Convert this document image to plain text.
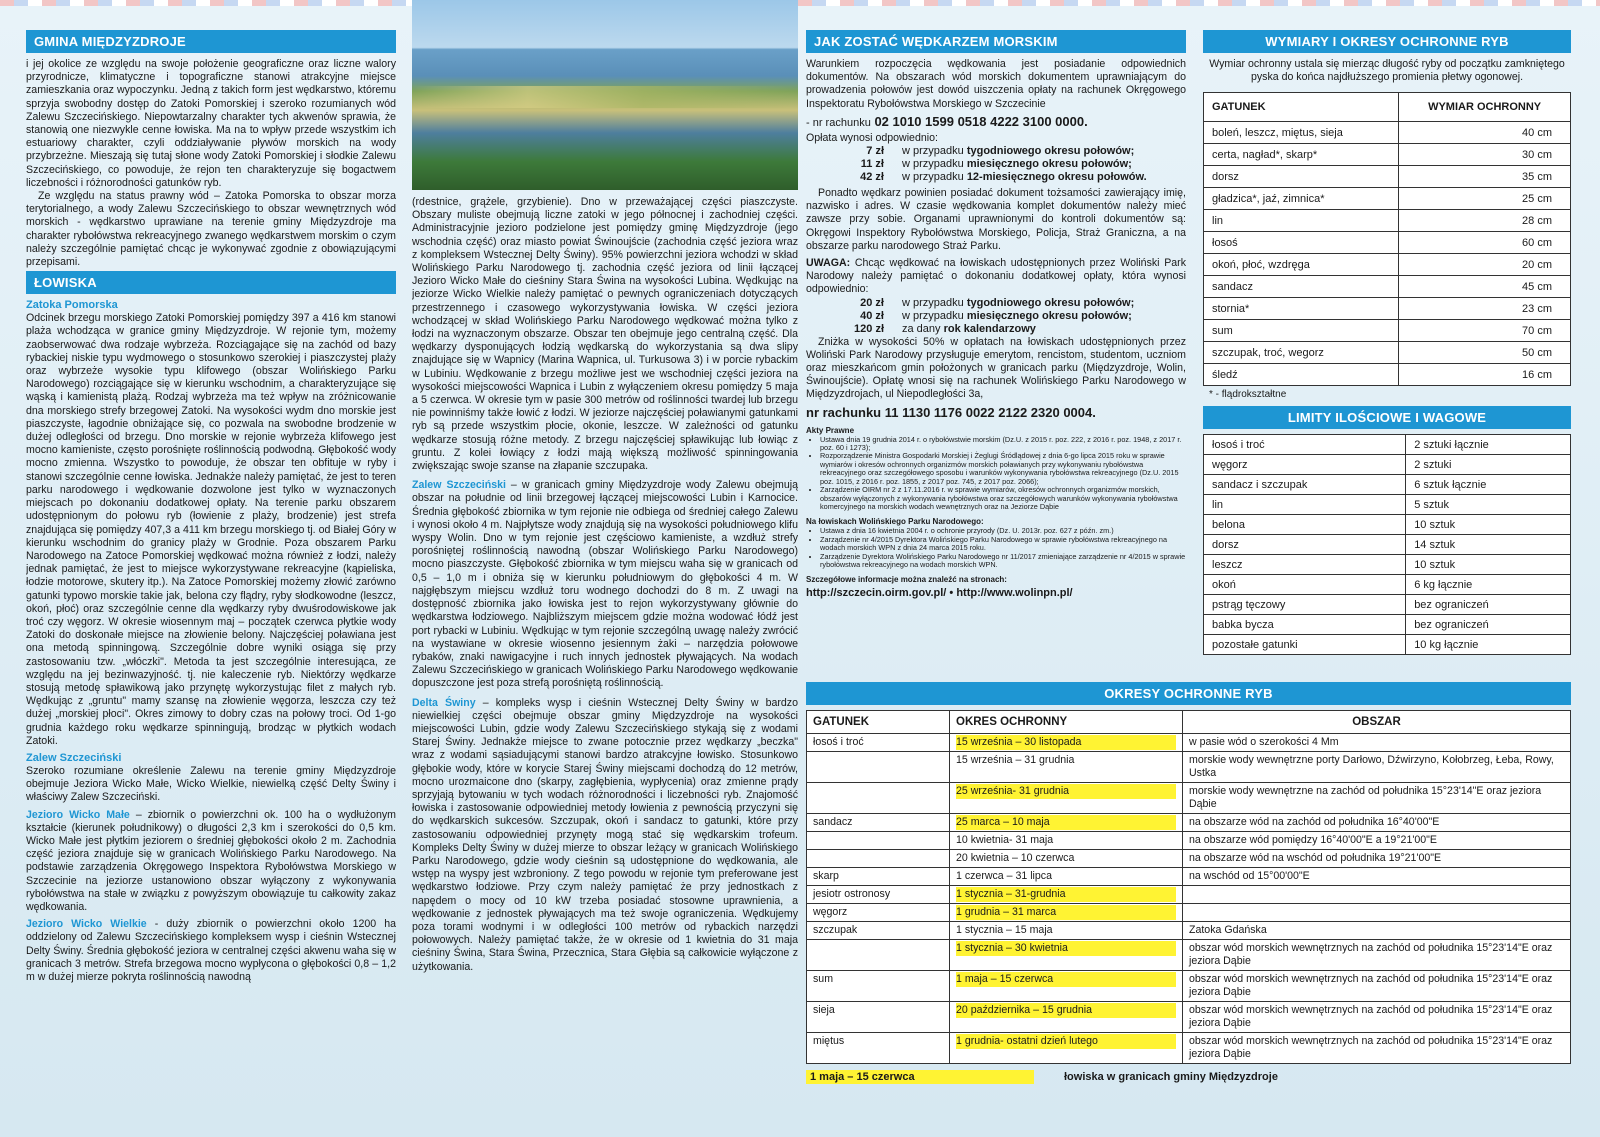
GMINA MIĘDZYZDROJE

i jej okolice ze względu na swoje położenie geograficzne oraz liczne walory przyrodnicze, klimatyczne i topograficzne stanowi atrakcyjne miejsce zamieszkania oraz wypoczynku. Jedną z takich form jest wędkarstwo, któremu sprzyja swobodny dostęp do Zatoki Pomorskiej i szeroko rozumianych wód Zalewu Szczecińskiego. Niepowtarzalny charakter tych akwenów sprawia, że stanowią one niezwykle cenne łowiska. Ma na to wpływ przede wszystkim ich estuariowy charakter, czyli oddziaływanie pływów morskich na wody przybrzeżne. Mieszają się tutaj słone wody Zatoki Pomorskiej i słodkie Zalewu Szczecińskiego, co powoduje, że rejon ten charakteryzuje się bogactwem liczebności i różnorodności gatunków ryb.

Ze względu na status prawny wód – Zatoka Pomorska to obszar morza terytorialnego, a wody Zalewu Szczecińskiego to obszar wewnętrznych wód morskich - wędkarstwo uprawiane na terenie gminy Międzyzdroje ma charakter rybołówstwa rekreacyjnego zwanego wędkarstwem morskim o czym należy szczególnie pamiętać chcąc je wykonywać zgodnie z obowiązującymi przepisami.

ŁOWISKA
Zatoka Pomorska

Odcinek brzegu morskiego Zatoki Pomorskiej pomiędzy 397 a 416 km stanowi plaża wchodząca w granice gminy Międzyzdroje. W rejonie tym, możemy zaobserwować dwa rodzaje wybrzeża. Rozciągające się na zachód od bazy rybackiej niskie typu wydmowego o stosunkowo szerokiej i piaszczystej plaży oraz wybrzeże wysokie typu klifowego (obszar Wolińskiego Parku Narodowego) rozciągające się w kierunku wschodnim, a charakteryzujące się wąską i kamienistą plażą. Rodzaj wybrzeża ma też wpływ na zróżnicowanie dna morskiego strefy brzegowej Zatoki. Na wysokości wydm dno morskie jest piaszczyste, łagodnie obniżające się, co pozwala na swobodne brodzenie w dużej odległości od brzegu. Dno morskie w rejonie wybrzeża klifowego jest mocno kamieniste, często porośnięte roślinnością podwodną. Głębokość wody mocno zmienna. Wszystko to powoduje, że obszar ten obfituje w ryby i stanowi szczególnie cenne łowiska. Jednakże należy pamiętać, że jest to teren parku narodowego i wędkowanie dozwolone jest tylko w wyznaczonych miejscach po dokonaniu dodatkowej opłaty. Na terenie parku obszarem udostępnionym do połowu ryb (łowienie z plaży, brodzenie) jest strefa znajdująca się pomiędzy 407,3 a 411 km brzegu morskiego tj. od Białej Góry w kierunku wschodnim do granicy plaży w Grodnie. Poza obszarem Parku Narodowego na Zatoce Pomorskiej wędkować można również z łodzi, należy jednak pamiętać, że jest to miejsce wykorzystywane rekreacyjne (kąpieliska, łodzie motorowe, skutery itp.). Na Zatoce Pomorskiej możemy złowić zarówno gatunki typowo morskie takie jak, belona czy flądry, ryby słodkowodne (leszcz, okoń, płoć) oraz szczególnie cenne dla wędkarzy ryby dwuśrodowiskowe jak troć czy węgorz. W okresie wiosennym maj – początek czerwca płytkie wody Zatoki do doskonałe miejsce na złowienie belony. Najczęściej poławiana jest ona metodą spinningową. Szczególnie dobre wyniki osiąga się przy zastosowaniu tzw. „włóczki". Metoda ta jest szczególnie interesująca, ze względu na jej bezinwazyjność. tj. nie kaleczenie ryb. Niektórzy wędkarze stosują metodę spławikową jako przynętę wykorzystując filet z małych ryb. Wędkując z „gruntu" mamy szansę na złowienie węgorza, leszcza czy też dużej „morskiej płoci". Okres zimowy to dobry czas na połowy troci. Od 1-go grudnia każdego roku wędkarze spinningują, brodząc w płytkich wodach Zatoki.

Zalew Szczeciński

Szeroko rozumiane określenie Zalewu na terenie gminy Międzyzdroje obejmuje Jeziora Wicko Małe, Wicko Wielkie, niewielką część Delty Świny i właściwy Zalew Szczeciński.

Jezioro Wicko Małe – zbiornik o powierzchni ok. 100 ha o wydłużonym kształcie (kierunek południkowy) o długości 2,3 km i szerokości do 0,5 km. Wicko Małe jest płytkim jeziorem o średniej głębokości około 2 m. Zachodnia część jeziora znajduje się w granicach Wolińskiego Parku Narodowego. Na podstawie zarządzenia Okręgowego Inspektora Rybołówstwa Morskiego w Szczecinie na jeziorze ustanowiono obszar wyłączony z wykonywania rybołówstwa na stałe w związku z powyższym obowiązuje tu całkowity zakaz wędkowania.

Jezioro Wicko Wielkie - duży zbiornik o powierzchni około 1200 ha oddzielony od Zalewu Szczecińskiego kompleksem wysp i cieśnin Wstecznej Delty Świny. Średnia głębokość jeziora w centralnej części akwenu waha się w granicach 3 metrów. Strefa brzegowa mocno wypłycona o głębokości 0,8 – 1,2 m w dużej mierze pokryta roślinnością nawodną

(rdestnice, grążele, grzybienie). Dno w przeważającej części piaszczyste. Obszary muliste obejmują liczne zatoki w jego północnej i zachodniej części. Administracyjnie jezioro podzielone jest pomiędzy gminę Międzyzdroje (jego wschodnia część) oraz miasto powiat Świnoujście (zachodnia część jeziora wraz z kompleksem Wstecznej Delty Świny). 95% powierzchni jeziora wchodzi w skład Wolińskiego Parku Narodowego tj. zachodnia część jeziora od linii łączącej Jezioro Wicko Małe do cieśniny Stara Świna na wysokości Lubina. Wędkując na jeziorze Wicko Wielkie należy pamiętać o pewnych ograniczeniach dotyczących przestrzennego i czasowego wykorzystywania łowiska. W części jeziora wchodzącej w skład Wolińskiego Parku Narodowego wędkować można tylko z łodzi na wyznaczonym obszarze. Obszar ten obejmuje jego centralną część. Dla wędkarzy dysponujących łodzią wędkarską do wykorzystania są dwa slipy znajdujące się w Wapnicy (Marina Wapnica, ul. Turkusowa 3) i w porcie rybackim w Lubiniu. Wędkowanie z brzegu możliwe jest we wschodniej części jeziora na wysokości miejscowości Wapnica i Lubin z wyłączeniem okresu pomiędzy 5 maja a 5 czerwca. W okresie tym w pasie 300 metrów od roślinności twardej lub brzegu nie powinniśmy także łowić z łodzi. W jeziorze najczęściej poławianymi gatunkami ryb są przede wszystkim płocie, okonie, leszcze. W zależności od gatunku wędkarze stosują różne metody. Z brzegu najczęściej spławikując lub łowiąc z gruntu. Z kolei łowiący z łodzi mają większą możliwość spinningowania zwiększając swoje szanse na złapanie szczupaka.

Zalew Szczeciński – w granicach gminy Międzyzdroje wody Zalewu obejmują obszar na południe od linii brzegowej łączącej miejscowości Lubin i Karnocice. Średnia głębokość zbiornika w tym rejonie nie odbiega od średniej całego Zalewu i wynosi około 4 m. Najpłytsze wody znajdują się na wysokości południowego klifu wyspy Wolin. Dno w tym rejonie jest częściowo kamieniste, a wzdłuż strefy porośniętej roślinnością nawodną (obszar Wolińskiego Parku Narodowego) mocno piaszczyste. Głębokość zbiornika w tym miejscu waha się w granicach od 0,5 – 1,0 m i obniża się w kierunku południowym do głębokości 4 m. W najgłębszym miejscu wzdłuż toru wodnego dochodzi do 8 m. Z uwagi na dostępność zbiornika jako łowiska jest to rejon wykorzystywany głównie do wędkarstwa łodziowego. Najbliższym miejscem gdzie można wodować łódź jest port rybacki w Lubiniu. Wędkując w tym rejonie szczególną uwagę należy zwrócić na wystawiane w okresie wiosenno jesiennym żaki – narzędzia połowowe rybaków, znaki nawigacyjne i ruch innych jednostek pływających. Na wodach Zalewu Szczecińskiego w granicach Wolińskiego Parku Narodowego wędkowanie dopuszczone jest poza strefą porośniętą roślinnością.

Delta Świny – kompleks wysp i cieśnin Wstecznej Delty Świny w bardzo niewielkiej części obejmuje obszar gminy Międzyzdroje na wysokości miejscowości Lubin, gdzie wody Zalewu Szczecińskiego stykają się z wodami Starej Świny. Jednakże miejsce to zwane potocznie przez wędkarzy „beczka" wraz z wodami sąsiadującymi stanowi bardzo atrakcyjne łowisko. Stosunkowo głębokie wody, które w korycie Starej Świny miejscami dochodzą do 12 metrów, mocno urozmaicone dno (skarpy, zagłębienia, wypłycenia) oraz zmienne prądy sprzyjają bytowaniu w tych wodach różnorodności i liczebności ryb. Znajomość łowiska i zastosowanie odpowiedniej metody łowienia z pewnością przyczyni się do wędkarskich sukcesów. Szczupak, okoń i sandacz to gatunki, które przy zastosowaniu odpowiedniej przynęty mogą stać się wędkarskim trofeum. Kompleks Delty Świny w dużej mierze to obszar leżący w granicach Wolińskiego Parku Narodowego, gdzie wody cieśnin są udostępnione do wędkowania, ale wstęp na wyspy jest wzbroniony. Z tego powodu w rejonie tym preferowane jest wędkarstwo łodziowe. Przy czym należy pamiętać że przy jednostkach z napędem o mocy od 10 kW trzeba posiadać stosowne uprawnienia, a wędkowanie z jednostek pływających ma też swoje ograniczenia. Wędkujemy poza torami wodnymi i w odległości 100 metrów od rybackich narzędzi połowowych. Należy pamiętać także, że w okresie od 1 kwietnia do 31 maja cieśniny Świna, Stara Świna, Przecznica, Stara Głębia są całkowicie wyłączone z użytkowania.

JAK ZOSTAĆ WĘDKARZEM MORSKIM

Warunkiem rozpoczęcia wędkowania jest posiadanie odpowiednich dokumentów. Na obszarach wód morskich dokumentem uprawniającym do prowadzenia połowów jest dowód uiszczenia opłaty na rachunek Okręgowego Inspektoratu Rybołówstwa Morskiego w Szczecinie

- nr rachunku 02 1010 1599 0518 4222 3100 0000.

Opłata wynosi odpowiednio:

7 zł	w przypadku tygodniowego okresu połowów;
11 zł	w przypadku miesięcznego okresu połowów;
42 zł	w przypadku 12-miesięcznego okresu połowów.

Ponadto wędkarz powinien posiadać dokument tożsamości zawierający imię, nazwisko i adres. W czasie wędkowania komplet dokumentów należy mieć zawsze przy sobie. Organami uprawnionymi do kontroli dokumentów są: Okręgowi Inspektory Rybołówstwa Morskiego, Policja, Straż Graniczna, a na obszarze parku narodowego Straż Parku.

UWAGA: Chcąc wędkować na łowiskach udostępnionych przez Woliński Park Narodowy należy pamiętać o dokonaniu dodatkowej opłaty, która wynosi odpowiednio:

20 zł	w przypadku tygodniowego okresu połowów;
40 zł	w przypadku miesięcznego okresu połowów;
120 zł	za dany rok kalendarzowy

Zniżka w wysokości 50% w opłatach na łowiskach udostępnionych przez Woliński Park Narodowy przysługuje emerytom, rencistom, studentom, uczniom oraz mieszkańcom gmin położonych w granicach parku (Międzyzdroje, Wolin, Świnoujście). Opłatę wnosi się na rachunek Wolińskiego Parku Narodowego w Międzyzdrojach, ul Niepodległości 3a,

nr rachunku 11 1130 1176 0022 2122 2320 0004.
Akty Prawne
• Ustawa dnia 19 grudnia 2014 r. o rybołówstwie morskim (Dz.U. z 2015 r. poz. 222, z 2016 r. poz. 1948, z 2017 r. poz. 60 i 1273);
• Rozporządzenie Ministra Gospodarki Morskiej i Żeglugi Śródlądowej z dnia 6-go lipca 2015 roku w sprawie wymiarów i okresów ochronnych organizmów morskich poławianych przy wykonywaniu rybołówstwa rekreacyjnego oraz szczegółowego sposobu i warunków wykonywania rybołówstwa rekreacyjnego (Dz.U. 2015 poz. 1015, z 2016 r. poz. 1855, z 2017 poz. 745, z 2017 poz. 2066);
• Zarządzenie OIRM nr 2 z 17.11.2016 r. w sprawie wymiarów, okresów ochronnych organizmów morskich, obszarów wyłączonych z wykonywania rybołówstwa oraz szczegółowych warunków wykonywania rybołówstwa komercyjnego na morskich wodach wewnętrznych oraz na Jeziorze Dąbie
Na łowiskach Wolińskiego Parku Narodowego:
• Ustawa z dnia 16 kwietnia 2004 r. o ochronie przyrody (Dz. U. 2013r. poz. 627 z późn. zm.)
• Zarządzenie nr 4/2015 Dyrektora Wolińskiego Parku Narodowego w sprawie rybołówstwa rekreacyjnego na wodach morskich WPN z dnia 24 marca 2015 roku.
• Zarządzenie Dyrektora Wolińskiego Parku Narodowego nr 11/2017 zmieniające zarządzenie nr 4/2015 w sprawie rybołówstwa rekreacyjnego na wodach morskich WPN.
Szczegółowe informacje można znaleźć na stronach:
http://szczecin.oirm.gov.pl/ • http://www.wolinpn.pl/
WYMIARY I OKRESY OCHRONNE RYB

Wymiar ochronny ustala się mierząc długość ryby od początku zamkniętego pyska do końca najdłuższego promienia płetwy ogonowej.

GATUNEK	WYMIAR OCHRONNY
boleń, leszcz, miętus, sieja	40 cm
certa, nagład*, skarp*	30 cm
dorsz	35 cm
gładzica*, jaź, zimnica*	25 cm
lin	28 cm
łosoś	60 cm
okoń, płoć, wzdręga	20 cm
sandacz	45 cm
stornia*	23 cm
sum	70 cm
szczupak, troć, wegorz	50 cm
śledź	16 cm
* - flądrokształtne
LIMITY ILOŚCIOWE I WAGOWE
łosoś i troć	2 sztuki łącznie
węgorz	2 sztuki
sandacz i szczupak	6 sztuk łącznie
lin	5 sztuk
belona	10 sztuk
dorsz	14 sztuk
leszcz	10 sztuk
okoń	6 kg łącznie
pstrąg tęczowy	bez ograniczeń
babka bycza	bez ograniczeń
pozostałe gatunki	10 kg łącznie
OKRESY OCHRONNE RYB
GATUNEK	OKRES OCHRONNY	OBSZAR
łosoś i troć	15 września – 30 listopada	w pasie wód o szerokości 4 Mm
	15 września – 31 grudnia	morskie wody wewnętrzne porty Darłowo, Dźwirzyno, Kołobrzeg, Łeba, Rowy, Ustka

	25 września- 31 grudnia	morskie wody wewnętrzne na zachód od południka 15°23'14"E oraz jeziora Dąbie
sandacz	25 marca – 10 maja	na obszarze wód na zachód od południka 16°40'00"E
	10 kwietnia- 31 maja	na obszarze wód pomiędzy 16°40'00"E a 19°21'00"E
	20 kwietnia – 10 czerwca	na obszarze wód na wschód od południka 19°21'00"E
skarp	1 czerwca – 31 lipca	na wschód od 15°00'00"E
jesiotr ostronosy	1 stycznia – 31-grudnia	

węgorz	1 grudnia – 31 marca	

szczupak	1 stycznia – 15 maja	Zatoka Gdańska

	1 stycznia – 30 kwietnia	obszar wód morskich wewnętrznych na zachód od południka 15°23'14"E oraz jeziora Dąbie
sum	1 maja – 15 czerwca	obszar wód morskich wewnętrznych na zachód od południka 15°23'14"E oraz jeziora Dąbie
sieja	20 października – 15 grudnia	obszar wód morskich wewnętrznych na zachód od południka 15°23'14"E oraz jeziora Dąbie
miętus	1 grudnia- ostatni dzień lutego	obszar wód morskich wewnętrznych na zachód od południka 15°23'14"E oraz jeziora Dąbie
1 maja – 15 czerwca	łowiska w granicach gminy Międzyzdroje
